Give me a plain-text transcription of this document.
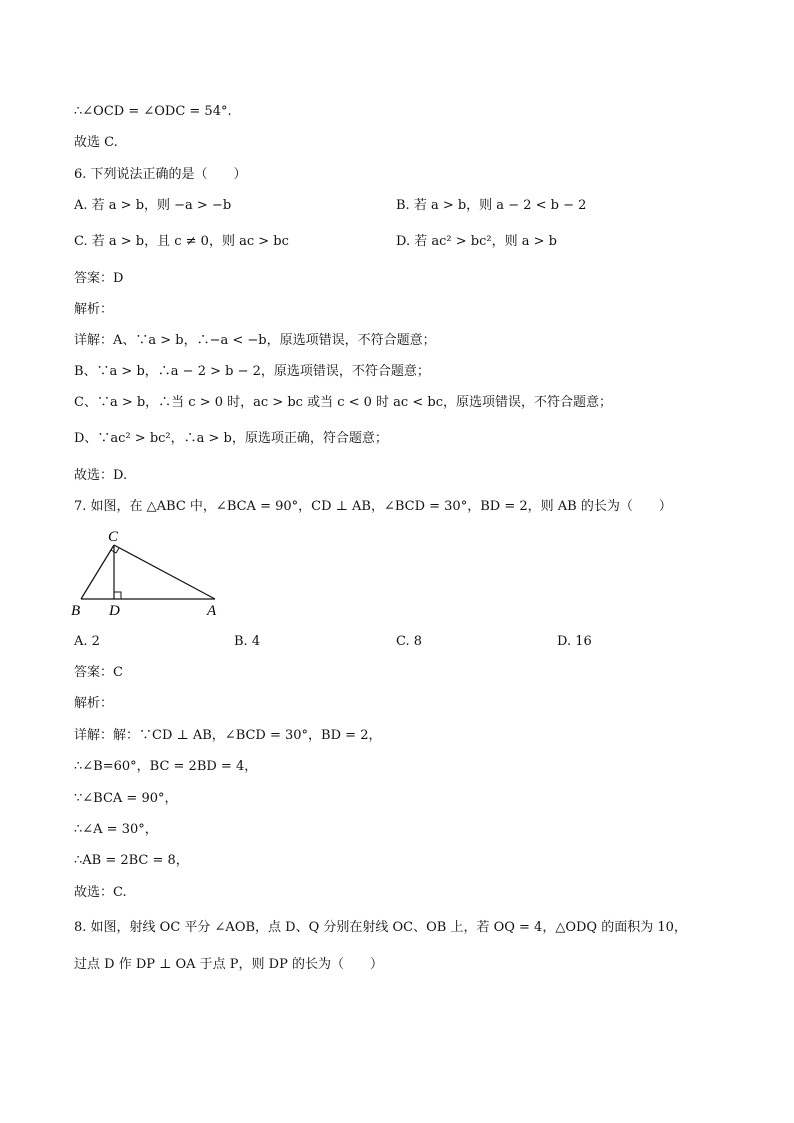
∴∠OCD = ∠ODC = 54°.
故选 C.
6. 下列说法正确的是（　　）
A. 若 a > b，则 −a > −b	B. 若 a > b，则 a − 2 < b − 2
C. 若 a > b，且 c ≠ 0，则 ac > bc	D. 若 ac² > bc²，则 a > b
答案：D
解析：
详解：A、∵a > b，∴−a < −b，原选项错误，不符合题意；
B、∵a > b，∴a − 2 > b − 2，原选项错误，不符合题意；
C、∵a > b，∴当 c > 0 时，ac > bc 或当 c < 0 时 ac < bc，原选项错误，不符合题意；
D、∵ac² > bc²，∴a > b，原选项正确，符合题意；
故选：D.
7. 如图，在 △ABC 中，∠BCA = 90°，CD ⊥ AB，∠BCD = 30°，BD = 2，则 AB 的长为（　　）
C
B D	A
A. 2	B. 4	C. 8	D. 16
答案：C
解析：
详解：解：∵CD ⊥ AB，∠BCD = 30°，BD = 2，
∴∠B=60°，BC = 2BD = 4，
∵∠BCA = 90°，
∴∠A = 30°，
∴AB = 2BC = 8，
故选：C.
8. 如图，射线 OC 平分 ∠AOB，点 D、Q 分别在射线 OC、OB 上，若 OQ = 4，△ODQ 的面积为 10，
过点 D 作 DP ⊥ OA 于点 P，则 DP 的长为（　　）
